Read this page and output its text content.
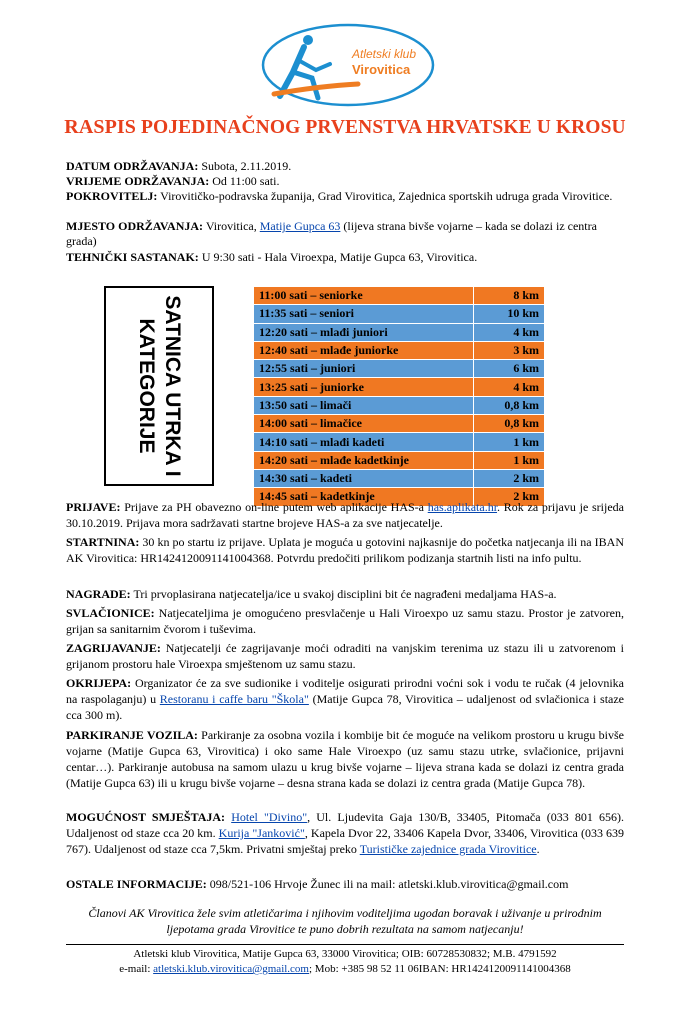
Atletski klub
Virovitica
RASPIS POJEDINAČNOG PRVENSTVA HRVATSKE U KROSU
DATUM ODRŽAVANJA: Subota, 2.11.2019.
VRIJEME ODRŽAVANJA: Od 11:00 sati.
POKROVITELJ: Virovitičko-podravska županija, Grad Virovitica, Zajednica sportskih udruga grada Virovitice.
MJESTO ODRŽAVANJA: Virovitica, Matije Gupca 63 (lijeva strana bivše vojarne – kada se dolazi iz centra grada)
TEHNIČKI SASTANAK: U 9:30 sati - Hala Viroexpa, Matije Gupca 63, Virovitica.
SATNICA UTRKA I
KATEGORIJE
11:00 sati – seniorke	8 km
11:35 sati – seniori	10 km
12:20 sati – mlađi juniori	4 km
12:40 sati – mlađe juniorke	3 km
12:55 sati – juniori	6 km
13:25 sati – juniorke	4 km
13:50 sati – limači	0,8 km
14:00 sati – limačice	0,8 km
14:10 sati – mlađi kadeti	1 km
14:20 sati – mlađe kadetkinje	1 km
14:30 sati – kadeti	2 km
14:45 sati – kadetkinje	2 km
PRIJAVE: Prijave za PH obavezno on-line putem web aplikacije HAS-a has.aplikata.hr. Rok za prijavu je srijeda 30.10.2019. Prijava mora sadržavati startne brojeve HAS-a za sve natjecatelje.
STARTNINA: 30 kn po startu iz prijave. Uplata je moguća u gotovini najkasnije do početka natjecanja ili na IBAN AK Virovitica: HR1424120091141004368. Potvrdu predočiti prilikom podizanja startnih listi na info pultu.
NAGRADE: Tri prvoplasirana natjecatelja/ice u svakoj disciplini bit će nagrađeni medaljama HAS-a.
SVLAČIONICE: Natjecateljima je omogućeno presvlačenje u Hali Viroexpo uz samu stazu. Prostor je zatvoren, grijan sa sanitarnim čvorom i tuševima.
ZAGRIJAVANJE: Natjecatelji će zagrijavanje moći odraditi na vanjskim terenima uz stazu ili u zatvorenom i grijanom prostoru hale Viroexpa smještenom uz samu stazu.
OKRIJEPA: Organizator će za sve sudionike i voditelje osigurati prirodni voćni sok i vodu te ručak (4 jelovnika na raspolaganju) u Restoranu i caffe baru "Škola" (Matije Gupca 78, Virovitica – udaljenost od svlačionica i staze cca 300 m).
PARKIRANJE VOZILA: Parkiranje za osobna vozila i kombije bit će moguće na velikom prostoru u krugu bivše vojarne (Matije Gupca 63, Virovitica) i oko same Hale Viroexpo (uz samu stazu utrke, svlačionice, prijavni centar…). Parkiranje autobusa na samom ulazu u krug bivše vojarne – lijeva strana kada se dolazi iz centra grada (Matije Gupca 63) ili u krugu bivše vojarne – desna strana kada se dolazi iz centra grada (Matije Gupca 78).
MOGUĆNOST SMJEŠTAJA: Hotel "Divino", Ul. Ljudevita Gaja 130/B, 33405, Pitomača (033 801 656). Udaljenost od staze cca 20 km. Kurija "Janković", Kapela Dvor 22, 33406 Kapela Dvor, 33406, Virovitica (033 639 767). Udaljenost od staze cca 7,5km. Privatni smještaj preko Turističke zajednice grada Virovitice.
OSTALE INFORMACIJE: 098/521-106 Hrvoje Žunec ili na mail: atletski.klub.virovitica@gmail.com
Članovi AK Virovitica žele svim atletičarima i njihovim voditeljima ugodan boravak i uživanje u prirodnim ljepotama grada Virovitice te puno dobrih rezultata na samom natjecanju!
Atletski klub Virovitica, Matije Gupca 63, 33000 Virovitica; OIB: 60728530832; M.B. 4791592
e-mail: atletski.klub.virovitica@gmail.com; Mob: +385 98 52 11 06IBAN: HR1424120091141004368
